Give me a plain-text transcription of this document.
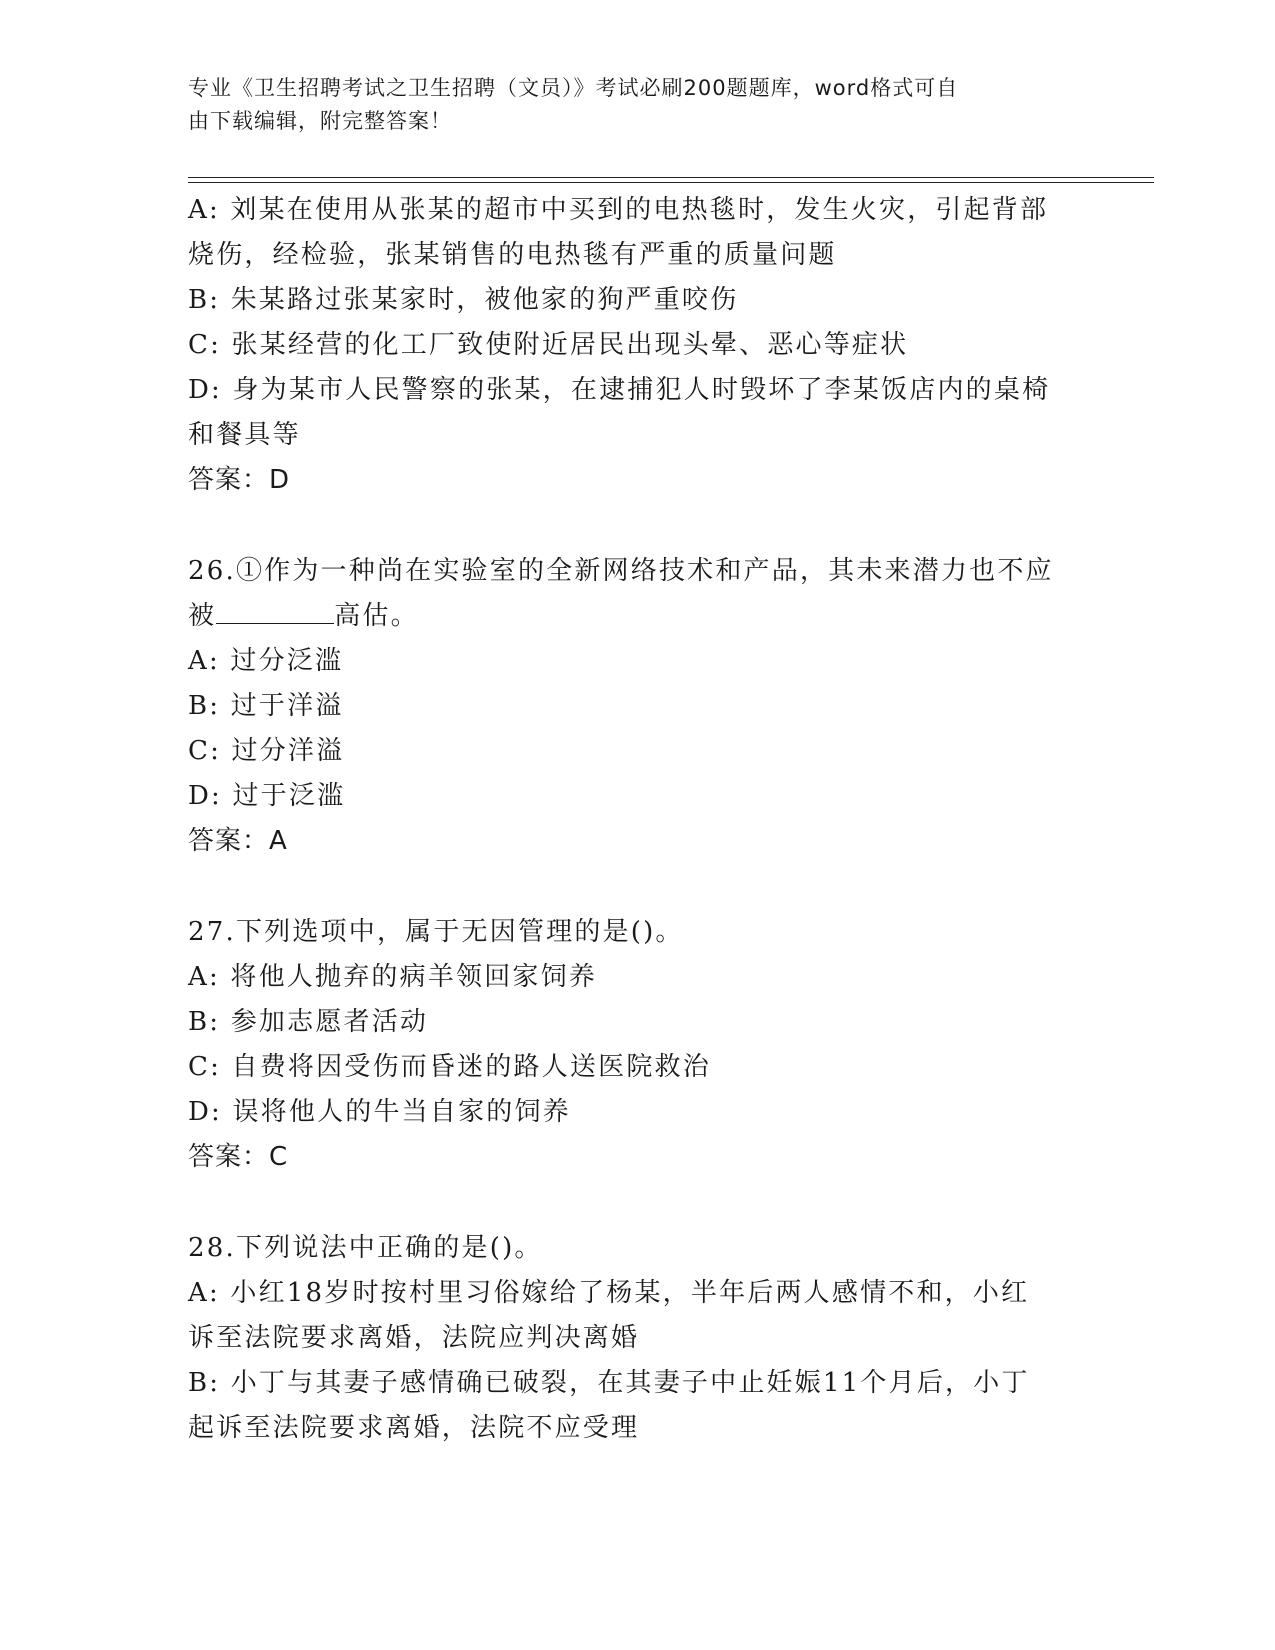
专业《卫生招聘考试之卫生招聘（文员）》考试必刷200题题库，word格式可自
由下载编辑，附完整答案！
A: 刘某在使用从张某的超市中买到的电热毯时，发生火灾，引起背部
烧伤，经检验，张某销售的电热毯有严重的质量问题
B: 朱某路过张某家时，被他家的狗严重咬伤
C: 张某经营的化工厂致使附近居民出现头晕、恶心等症状
D: 身为某市人民警察的张某，在逮捕犯人时毁坏了李某饭店内的桌椅
和餐具等
答案：D
26.①作为一种尚在实验室的全新网络技术和产品，其未来潜力也不应
被	高估。
A: 过分泛滥
B: 过于洋溢
C: 过分洋溢
D: 过于泛滥
答案：A
27.下列选项中，属于无因管理的是()。
A: 将他人抛弃的病羊领回家饲养
B: 参加志愿者活动
C: 自费将因受伤而昏迷的路人送医院救治
D: 误将他人的牛当自家的饲养
答案：C
28.下列说法中正确的是()。
A: 小红18岁时按村里习俗嫁给了杨某，半年后两人感情不和，小红
诉至法院要求离婚，法院应判决离婚
B: 小丁与其妻子感情确已破裂，在其妻子中止妊娠11个月后，小丁
起诉至法院要求离婚，法院不应受理
